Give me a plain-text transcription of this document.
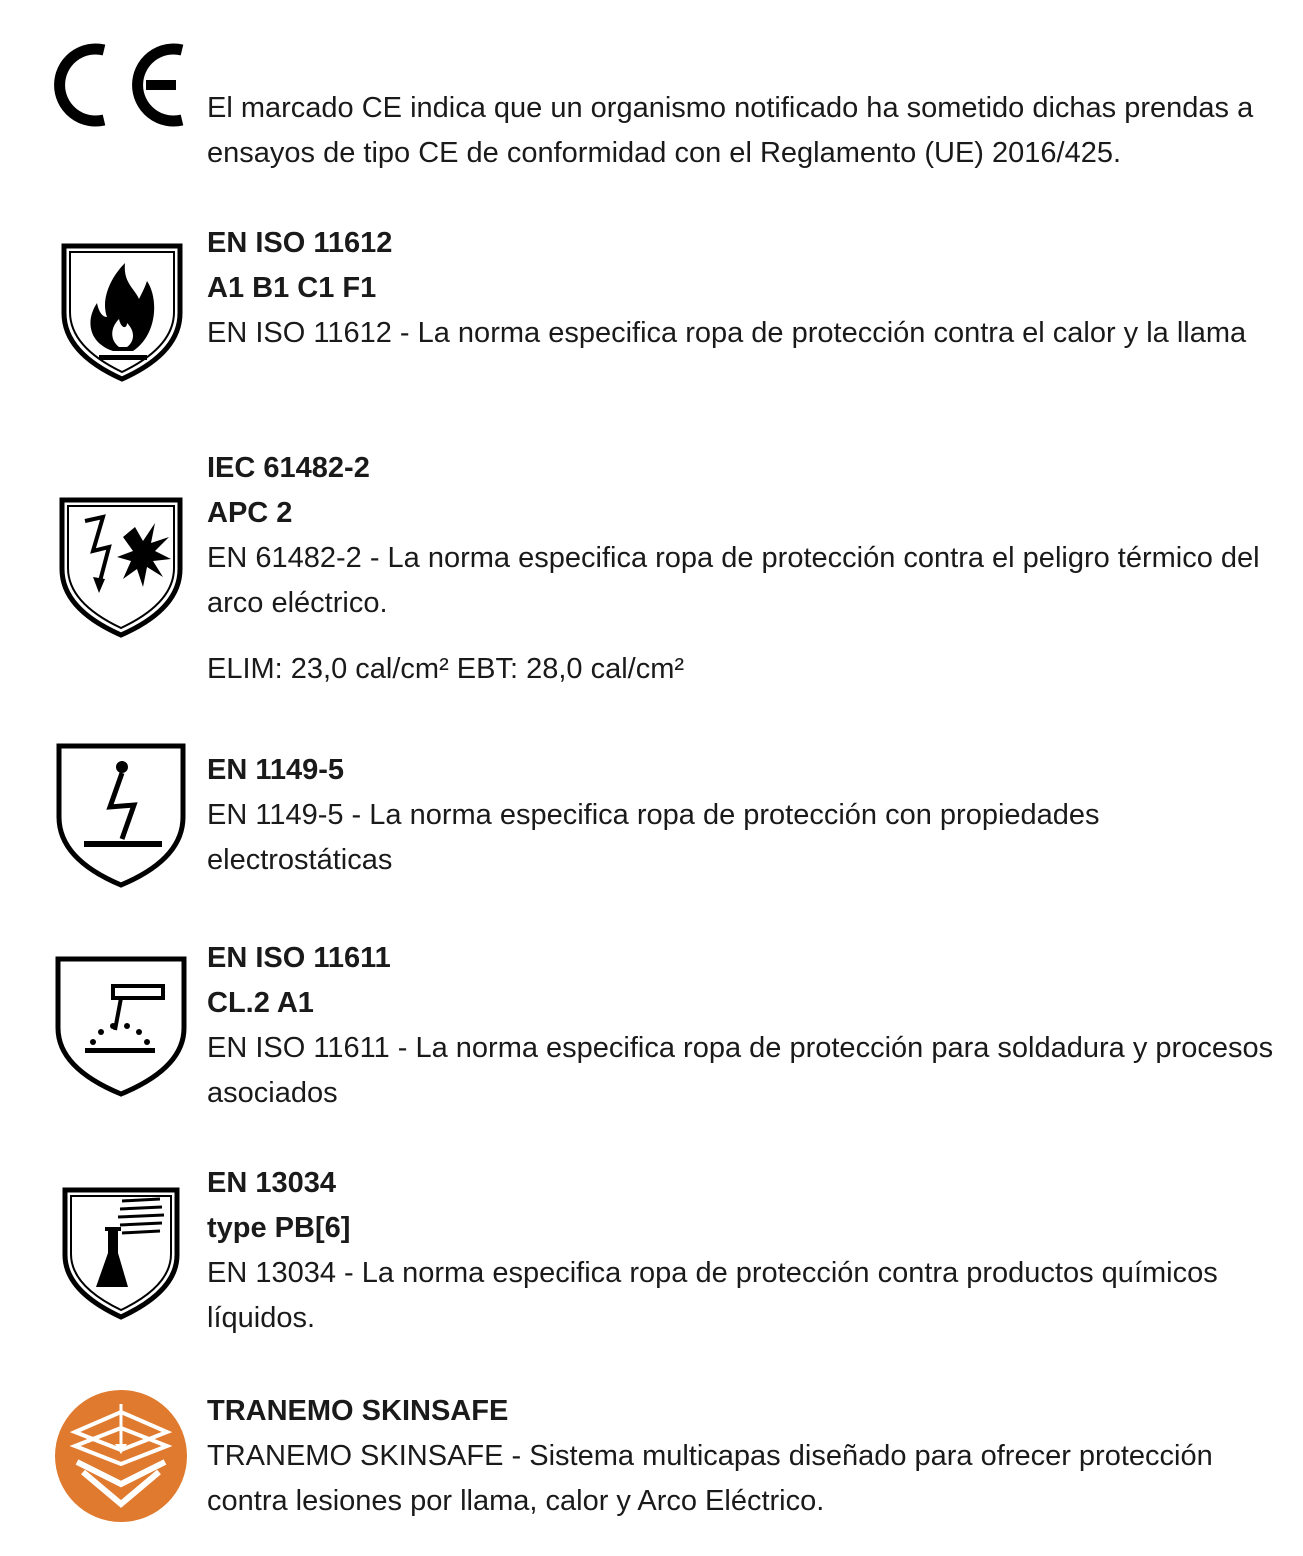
El marcado CE indica que un organismo notificado ha sometido dichas prendas a ensayos de tipo CE de conformidad con el Reglamento (UE) 2016/425.
EN ISO 11612
A1 B1 C1 F1
EN ISO 11612 - La norma especifica ropa de protección contra el calor y la llama
IEC 61482-2
APC 2
EN 61482-2 - La norma especifica ropa de protección contra el peligro térmico del arco eléctrico.
ELIM: 23,0 cal/cm² EBT: 28,0 cal/cm²
EN 1149-5
EN 1149-5 - La norma especifica ropa de protección con propiedades electrostáticas
EN ISO 11611
CL.2 A1
EN ISO 11611 - La norma especifica ropa de protección para soldadura y procesos asociados
EN 13034
type PB[6]
EN 13034 - La norma especifica ropa de protección contra productos químicos líquidos.
TRANEMO SKINSAFE
TRANEMO SKINSAFE - Sistema multicapas diseñado para ofrecer protección contra lesiones por llama, calor y Arco Eléctrico.
